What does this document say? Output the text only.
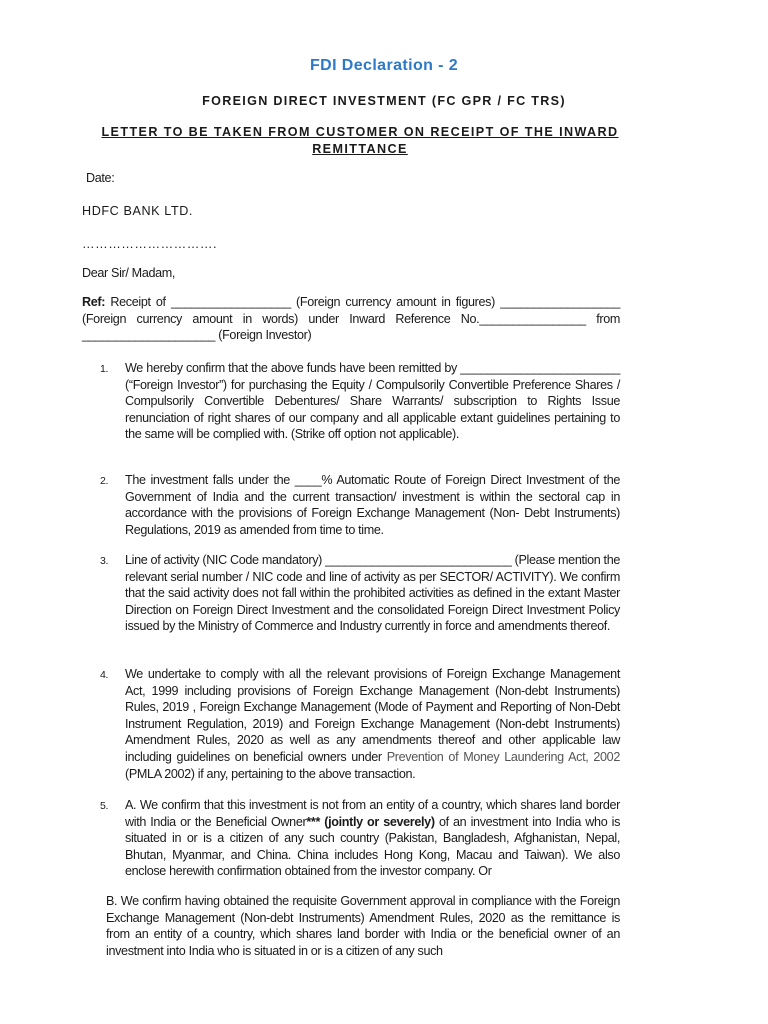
FDI Declaration - 2
FOREIGN DIRECT INVESTMENT (FC GPR / FC TRS)
LETTER TO BE TAKEN FROM CUSTOMER ON RECEIPT OF THE INWARD
REMITTANCE
Date:
HDFC BANK LTD.
………………………….
Dear Sir/ Madam,
Ref: Receipt of __________________ (Foreign currency amount in figures) __________________ (Foreign currency amount in words) under Inward Reference No.________________ from ____________________ (Foreign Investor)
1.	We hereby confirm that the above funds have been remitted by ________________________ (“Foreign Investor”) for purchasing the Equity / Compulsorily Convertible Preference Shares / Compulsorily Convertible Debentures/ Share Warrants/ subscription to Rights Issue renunciation of right shares of our company and all applicable extant guidelines pertaining to the same will be complied with. (Strike off option not applicable).
2.	The investment falls under the ____% Automatic Route of Foreign Direct Investment of the Government of India and the current transaction/ investment is within the sectoral cap in accordance with the provisions of Foreign Exchange Management (Non- Debt Instruments) Regulations, 2019 as amended from time to time.
3.	Line of activity (NIC Code mandatory) ____________________________ (Please mention the relevant serial number / NIC code and line of activity as per SECTOR/ ACTIVITY). We confirm that the said activity does not fall within the prohibited activities as defined in the extant Master Direction on Foreign Direct Investment and the consolidated Foreign Direct Investment Policy issued by the Ministry of Commerce and Industry currently in force and amendments thereof.
4.	We undertake to comply with all the relevant provisions of Foreign Exchange Management Act, 1999 including provisions of Foreign Exchange Management (Non-debt Instruments) Rules, 2019 , Foreign Exchange Management (Mode of Payment and Reporting of Non-Debt Instrument Regulation, 2019) and Foreign Exchange Management (Non-debt Instruments) Amendment Rules, 2020 as well as any amendments thereof and other applicable law including guidelines on beneficial owners under Prevention of Money Laundering Act, 2002 (PMLA 2002) if any, pertaining to the above transaction.
5.	A. We confirm that this investment is not from an entity of a country, which shares land border with India or the Beneficial Owner*** (jointly or severely) of an investment into India who is situated in or is a citizen of any such country (Pakistan, Bangladesh, Afghanistan, Nepal, Bhutan, Myanmar, and China. China includes Hong Kong, Macau and Taiwan). We also enclose herewith confirmation obtained from the investor company. Or
B. We confirm having obtained the requisite Government approval in compliance with the Foreign Exchange Management (Non-debt Instruments) Amendment Rules, 2020 as the remittance is from an entity of a country, which shares land border with India or the beneficial owner of an investment into India who is situated in or is a citizen of any such
